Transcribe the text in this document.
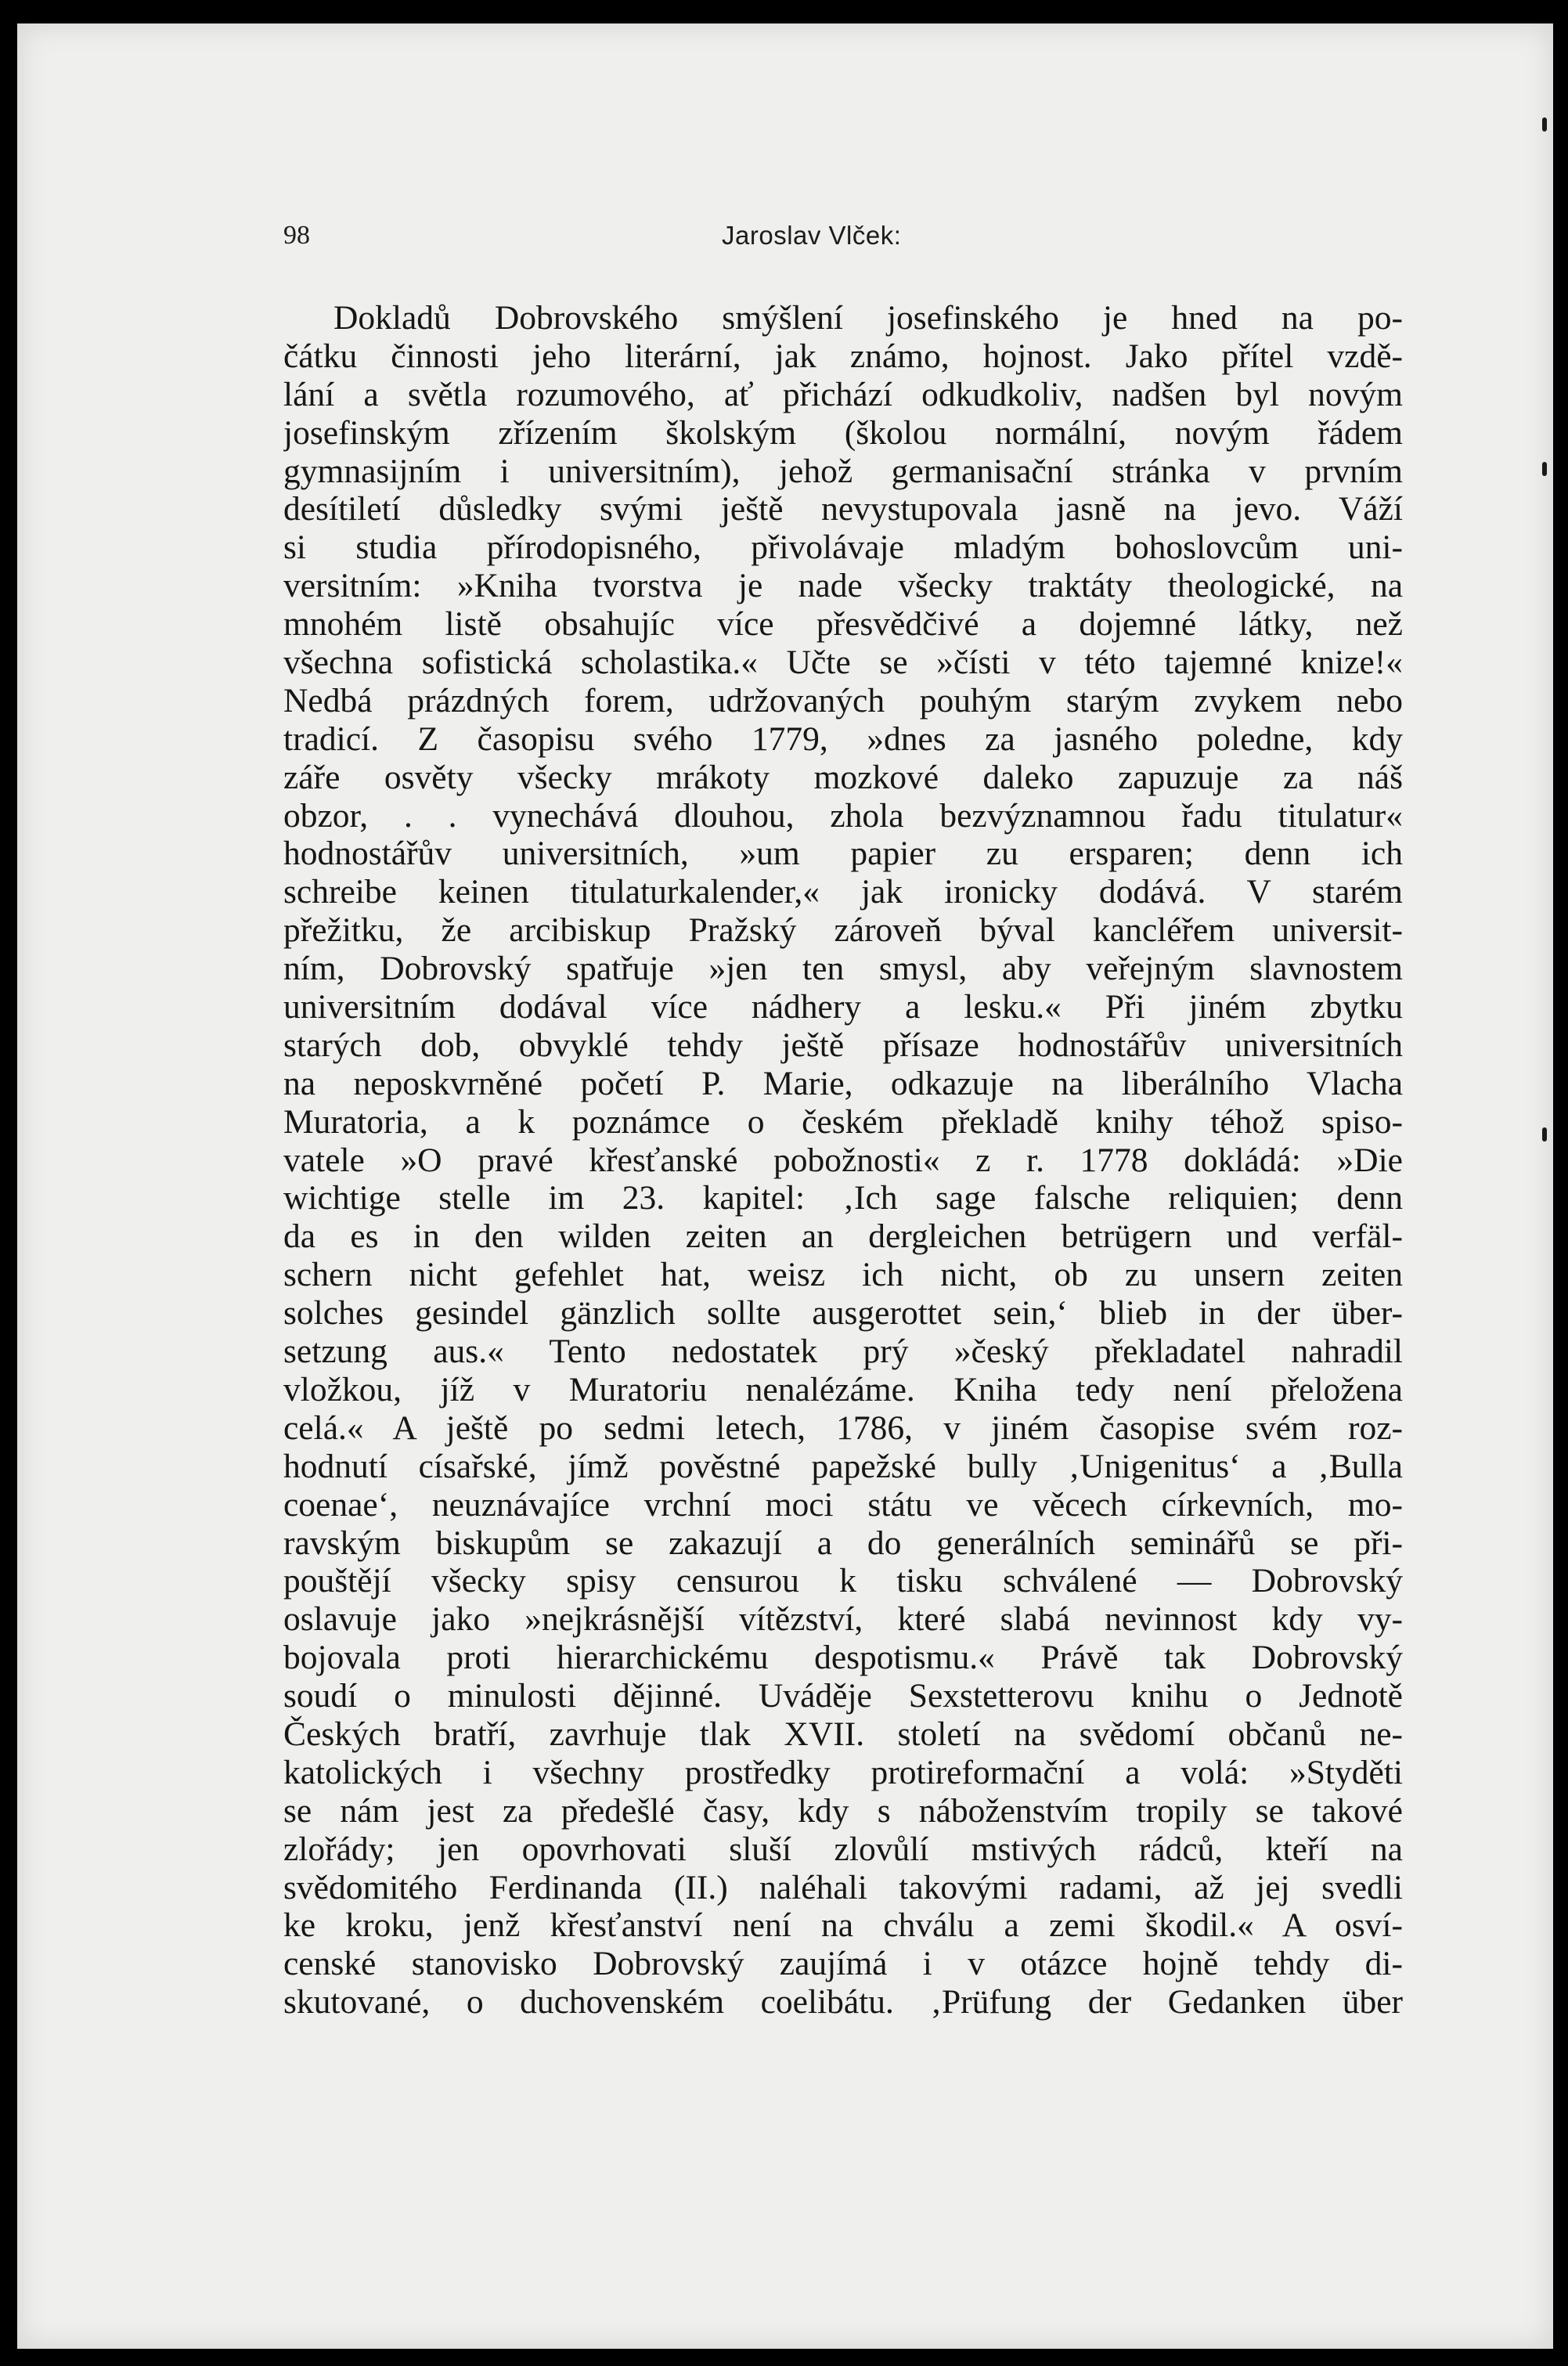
98	Jaroslav Vlček:
Dokladů Dobrovského smýšlení josefinského je hned na po-
čátku činnosti jeho literární, jak známo, hojnost. Jako přítel vzdě-
lání a světla rozumového, ať přichází odkudkoliv, nadšen byl novým
josefinským zřízením školským (školou normální, novým řádem
gymnasijním i universitním), jehož germanisační stránka v prvním
desítiletí důsledky svými ještě nevystupovala jasně na jevo. Váží
si studia přírodopisného, přivolávaje mladým bohoslovcům uni-
versitním: »Kniha tvorstva je nade všecky traktáty theologické, na
mnohém listě obsahujíc více přesvědčivé a dojemné látky, než
všechna sofistická scholastika.« Učte se »čísti v této tajemné knize!«
Nedbá prázdných forem, udržovaných pouhým starým zvykem nebo
tradicí. Z časopisu svého 1779, »dnes za jasného poledne, kdy
záře osvěty všecky mrákoty mozkové daleko zapuzuje za náš
obzor, . . vynechává dlouhou, zhola bezvýznamnou řadu titulatur«
hodnostářův universitních, »um papier zu ersparen; denn ich
schreibe keinen titulaturkalender,« jak ironicky dodává. V starém
přežitku, že arcibiskup Pražský zároveň býval kancléřem universit-
ním, Dobrovský spatřuje »jen ten smysl, aby veřejným slavnostem
universitním dodával více nádhery a lesku.« Při jiném zbytku
starých dob, obvyklé tehdy ještě přísaze hodnostářův universitních
na neposkvrněné početí P. Marie, odkazuje na liberálního Vlacha
Muratoria, a k poznámce o českém překladě knihy téhož spiso-
vatele »O pravé křesťanské pobožnosti« z r. 1778 dokládá: »Die
wichtige stelle im 23. kapitel: ‚Ich sage falsche reliquien; denn
da es in den wilden zeiten an dergleichen betrügern und verfäl-
schern nicht gefehlet hat, weisz ich nicht, ob zu unsern zeiten
solches gesindel gänzlich sollte ausgerottet sein,‘ blieb in der über-
setzung aus.« Tento nedostatek prý »český překladatel nahradil
vložkou, jíž v Muratoriu nenalézáme. Kniha tedy není přeložena
celá.« A ještě po sedmi letech, 1786, v jiném časopise svém roz-
hodnutí císařské, jímž pověstné papežské bully ‚Unigenitus‘ a ‚Bulla
coenae‘, neuznávajíce vrchní moci státu ve věcech církevních, mo-
ravským biskupům se zakazují a do generálních seminářů se při-
pouštějí všecky spisy censurou k tisku schválené — Dobrovský
oslavuje jako »nejkrásnější vítězství, které slabá nevinnost kdy vy-
bojovala proti hierarchickému despotismu.« Právě tak Dobrovský
soudí o minulosti dějinné. Uváděje Sexstetterovu knihu o Jednotě
Českých bratří, zavrhuje tlak XVII. století na svědomí občanů ne-
katolických i všechny prostředky protireformační a volá: »Styděti
se nám jest za předešlé časy, kdy s náboženstvím tropily se takové
zlořády; jen opovrhovati sluší zlovůlí mstivých rádců, kteří na
svědomitého Ferdinanda (II.) naléhali takovými radami, až jej svedli
ke kroku, jenž křesťanství není na chválu a zemi škodil.« A osví-
censké stanovisko Dobrovský zaujímá i v otázce hojně tehdy di-
skutované, o duchovenském coelibátu. ‚Prüfung der Gedanken über
